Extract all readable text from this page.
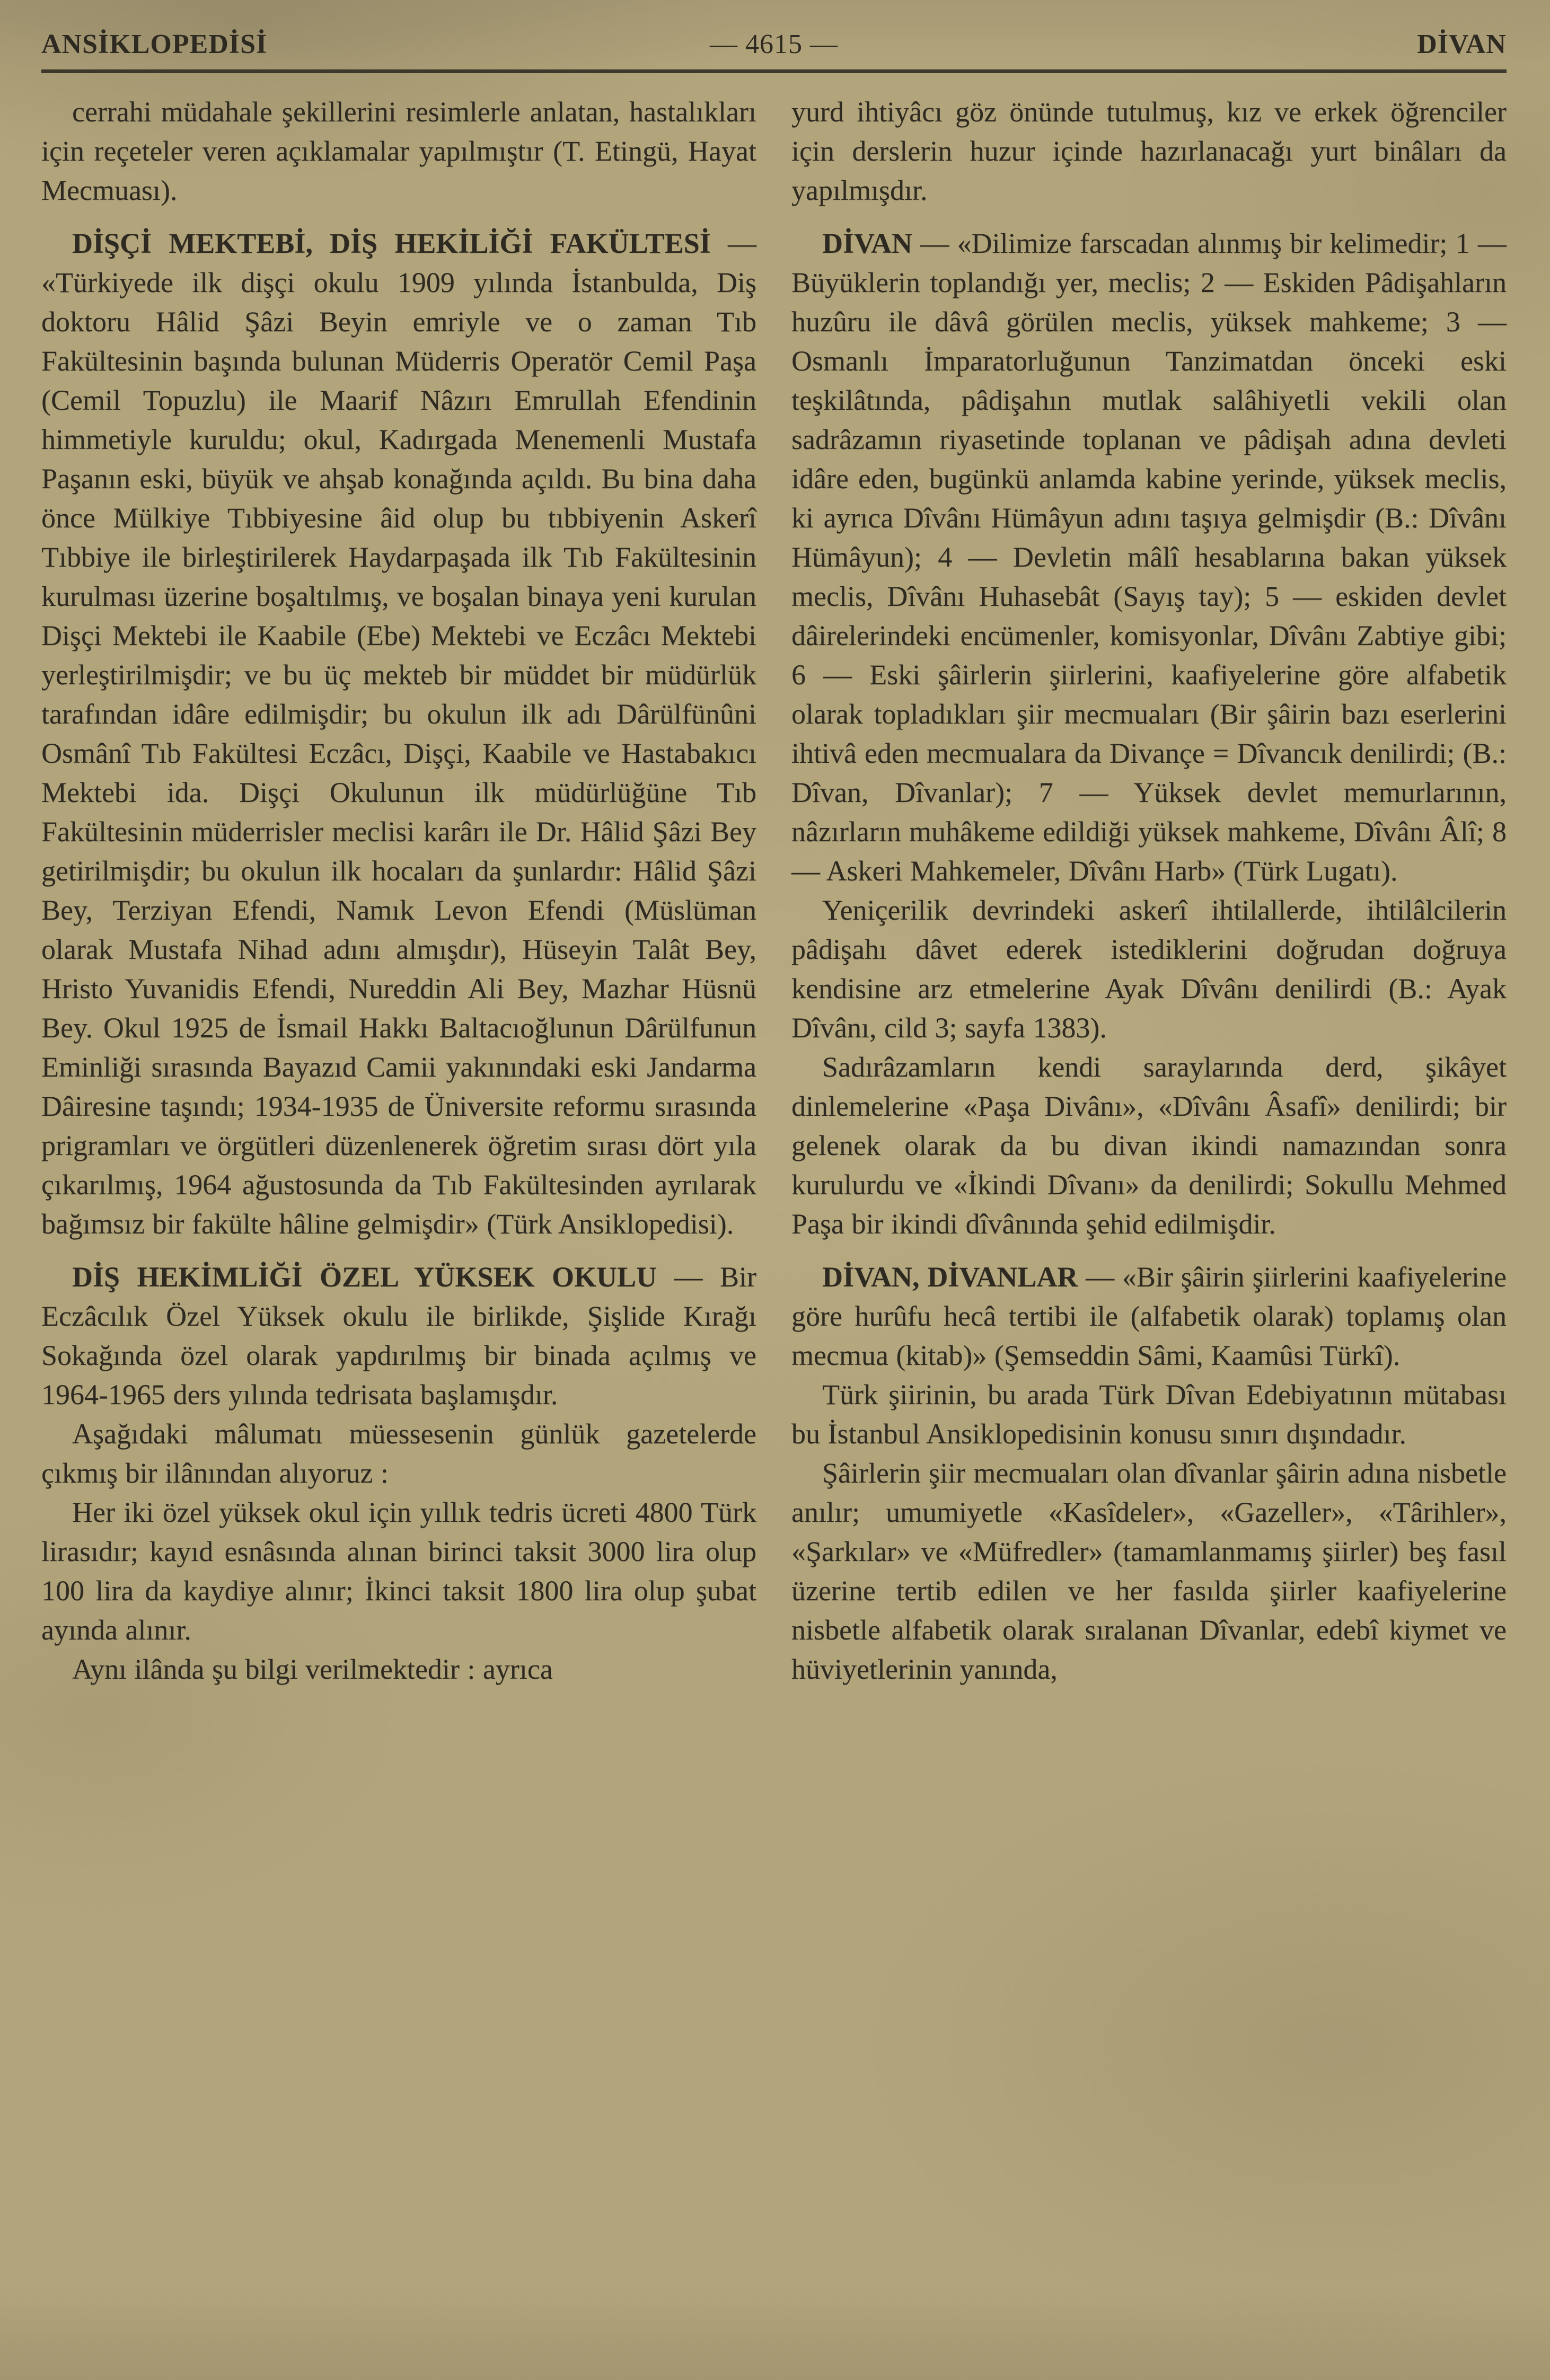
ANSİKLOPEDİSİ	— 4615 —	DİVAN

cerrahi müdahale şekillerini resimlerle anlatan, hastalıkları için reçeteler veren açıklamalar yapılmıştır (T. Etingü, Hayat Mecmuası).

DİŞÇİ MEKTEBİ, DİŞ HEKİLİĞİ FAKÜLTESİ — «Türkiyede ilk dişçi okulu 1909 yılında İstanbulda, Diş doktoru Hâlid Şâzi Beyin emriyle ve o zaman Tıb Fakültesinin başında bulunan Müderris Operatör Cemil Paşa (Cemil Topuzlu) ile Maarif Nâzırı Emrullah Efendinin himmetiyle kuruldu; okul, Kadırgada Menemenli Mustafa Paşanın eski, büyük ve ahşab konağında açıldı. Bu bina daha önce Mülkiye Tıbbiyesine âid olup bu tıbbiyenin Askerî Tıbbiye ile birleştirilerek Haydarpaşada ilk Tıb Fakültesinin kurulması üzerine boşaltılmış, ve boşalan binaya yeni kurulan Dişçi Mektebi ile Kaabile (Ebe) Mektebi ve Eczâcı Mektebi yerleştirilmişdir; ve bu üç mekteb bir müddet bir müdürlük tarafından idâre edilmişdir; bu okulun ilk adı Dârülfünûni Osmânî Tıb Fakültesi Eczâcı, Dişçi, Kaabile ve Hastabakıcı Mektebi ida. Dişçi Okulunun ilk müdürlüğüne Tıb Fakültesinin müderrisler meclisi karârı ile Dr. Hâlid Şâzi Bey getirilmişdir; bu okulun ilk hocaları da şunlardır: Hâlid Şâzi Bey, Terziyan Efendi, Namık Levon Efendi (Müslüman olarak Mustafa Nihad adını almışdır), Hüseyin Talât Bey, Hristo Yuvanidis Efendi, Nureddin Ali Bey, Mazhar Hüsnü Bey. Okul 1925 de İsmail Hakkı Baltacıoğlunun Dârülfunun Eminliği sırasında Bayazıd Camii yakınındaki eski Jandarma Dâiresine taşındı; 1934-1935 de Üniversite reformu sırasında prigramları ve örgütleri düzenlenerek öğretim sırası dört yıla çıkarılmış, 1964 ağustosunda da Tıb Fakültesinden ayrılarak bağımsız bir fakülte hâline gelmişdir» (Türk Ansiklopedisi).

DİŞ HEKİMLİĞİ ÖZEL YÜKSEK OKULU — Bir Eczâcılık Özel Yüksek okulu ile birlikde, Şişlide Kırağı Sokağında özel olarak yapdırılmış bir binada açılmış ve 1964-1965 ders yılında tedrisata başlamışdır.

Aşağıdaki mâlumatı müessesenin günlük gazetelerde çıkmış bir ilânından alıyoruz :

Her iki özel yüksek okul için yıllık tedris ücreti 4800 Türk lirasıdır; kayıd esnâsında alınan birinci taksit 3000 lira olup 100 lira da kaydiye alınır; İkinci taksit 1800 lira olup şubat ayında alınır.

Aynı ilânda şu bilgi verilmektedir : ayrıca

yurd ihtiyâcı göz önünde tutulmuş, kız ve erkek öğrenciler için derslerin huzur içinde hazırlanacağı yurt binâları da yapılmışdır.

DİVAN — «Dilimize farscadan alınmış bir kelimedir; 1 — Büyüklerin toplandığı yer, meclis; 2 — Eskiden Pâdişahların huzûru ile dâvâ görülen meclis, yüksek mahkeme; 3 — Osmanlı İmparatorluğunun Tanzimatdan önceki eski teşkilâtında, pâdişahın mutlak salâhiyetli vekili olan sadrâzamın riyasetinde toplanan ve pâdişah adına devleti idâre eden, bugünkü anlamda kabine yerinde, yüksek meclis, ki ayrıca Dîvânı Hümâyun adını taşıya gelmişdir (B.: Dîvânı Hümâyun); 4 — Devletin mâlî hesablarına bakan yüksek meclis, Dîvânı Huhasebât (Sayış tay); 5 — eskiden devlet dâirelerindeki encümenler, komisyonlar, Dîvânı Zabtiye gibi; 6 — Eski şâirlerin şiirlerini, kaafiyelerine göre alfabetik olarak topladıkları şiir mecmuaları (Bir şâirin bazı eserlerini ihtivâ eden mecmualara da Divançe = Dîvancık denilirdi; (B.: Dîvan, Dîvanlar); 7 — Yüksek devlet memurlarının, nâzırların muhâkeme edildiği yüksek mahkeme, Dîvânı Âlî; 8 — Askeri Mahkemeler, Dîvânı Harb» (Türk Lugatı).

Yeniçerilik devrindeki askerî ihtilallerde, ihtilâlcilerin pâdişahı dâvet ederek istediklerini doğrudan doğruya kendisine arz etmelerine Ayak Dîvânı denilirdi (B.: Ayak Dîvânı, cild 3; sayfa 1383).

Sadırâzamların kendi saraylarında derd, şikâyet dinlemelerine «Paşa Divânı», «Dîvânı Âsafî» denilirdi; bir gelenek olarak da bu divan ikindi namazından sonra kurulurdu ve «İkindi Dîvanı» da denilirdi; Sokullu Mehmed Paşa bir ikindi dîvânında şehid edilmişdir.

DİVAN, DİVANLAR — «Bir şâirin şiirlerini kaafiyelerine göre hurûfu hecâ tertibi ile (alfabetik olarak) toplamış olan mecmua (kitab)» (Şemseddin Sâmi, Kaamûsi Türkî).

Türk şiirinin, bu arada Türk Dîvan Edebiyatının mütabası bu İstanbul Ansiklopedisinin konusu sınırı dışındadır.

Şâirlerin şiir mecmuaları olan dîvanlar şâirin adına nisbetle anılır; umumiyetle «Kasîdeler», «Gazeller», «Târihler», «Şarkılar» ve «Müfredler» (tamamlanmamış şiirler) beş fasıl üzerine tertib edilen ve her fasılda şiirler kaafiyelerine nisbetle alfabetik olarak sıralanan Dîvanlar, edebî kiymet ve hüviyetlerinin yanında,
